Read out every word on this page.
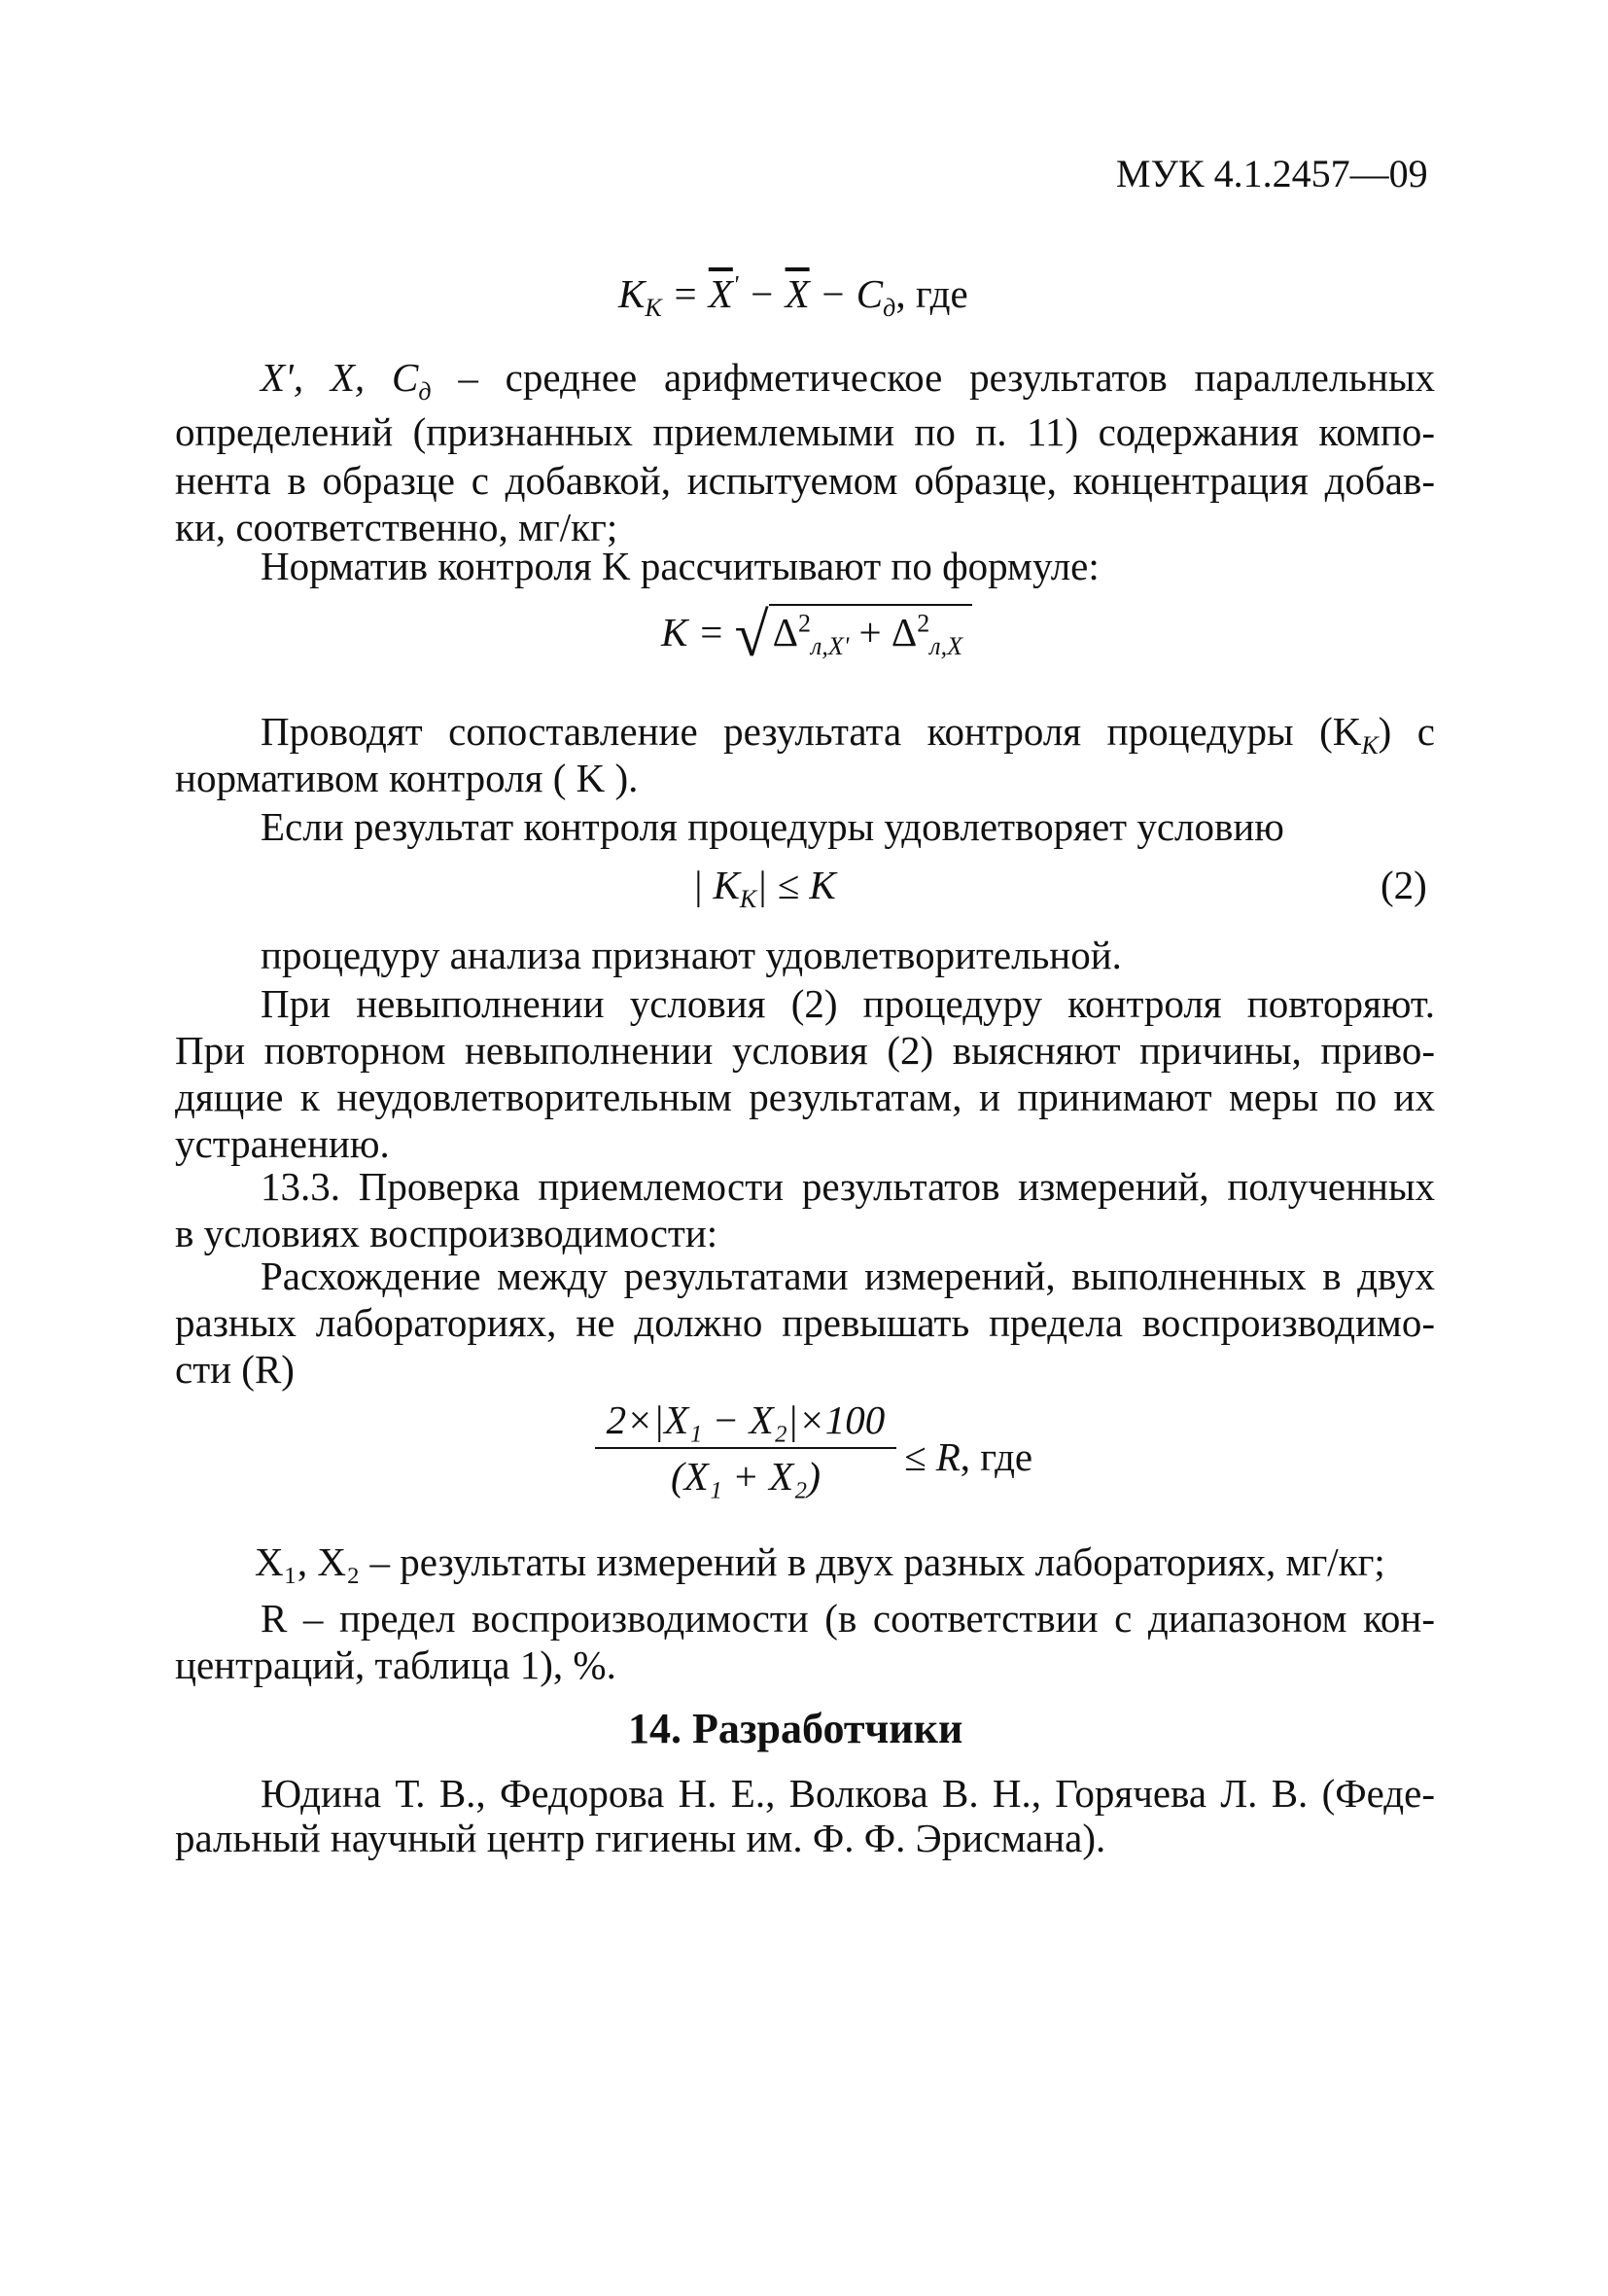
МУК 4.1.2457—09
$K_К = \overline{X}' - \overline{X} - C_д$, где
X', X, $C_д$ – среднее арифметическое результатов параллельных
определений (признанных приемлемыми по п. 11) содержания компо-
нента в образце с добавкой, испытуемом образце, концентрация добав-
ки, соответственно, мг/кг;
Норматив контроля K рассчитывают по формуле:
$K = √\Delta^2_{л,X'} + \Delta^2_{л,X}$
Проводят сопоставление результата контроля процедуры $(K_К)$ с
нормативом контроля ( K ).
Если результат контроля процедуры удовлетворяет условию
| $K_К| \le K$	(2)
процедуру анализа признают удовлетворительной.
При невыполнении условия (2) процедуру контроля повторяют.
При повторном невыполнении условия (2) выясняют причины, приво-
дящие к неудовлетворительным результатам, и принимают меры по их
устранению.
13.3. Проверка приемлемости результатов измерений, полученных
в условиях воспроизводимости:
Расхождение между результатами измерений, выполненных в двух
разных лабораториях, не должно превышать предела воспроизводимо-
сти (R)
$\frac{\text{2×|X₁ − X₂|×100}}{\text{(X₁ + X₂)}} \le R$, где
X₁, X₂ – результаты измерений в двух разных лабораториях, мг/кг;
R – предел воспроизводимости (в соответствии с диапазоном кон-
центраций, таблица 1), %.
14. Разработчики
Юдина Т. В., Федорова Н. Е., Волкова В. Н., Горячева Л. В. (Феде-
ральный научный центр гигиены им. Ф. Ф. Эрисмана).
